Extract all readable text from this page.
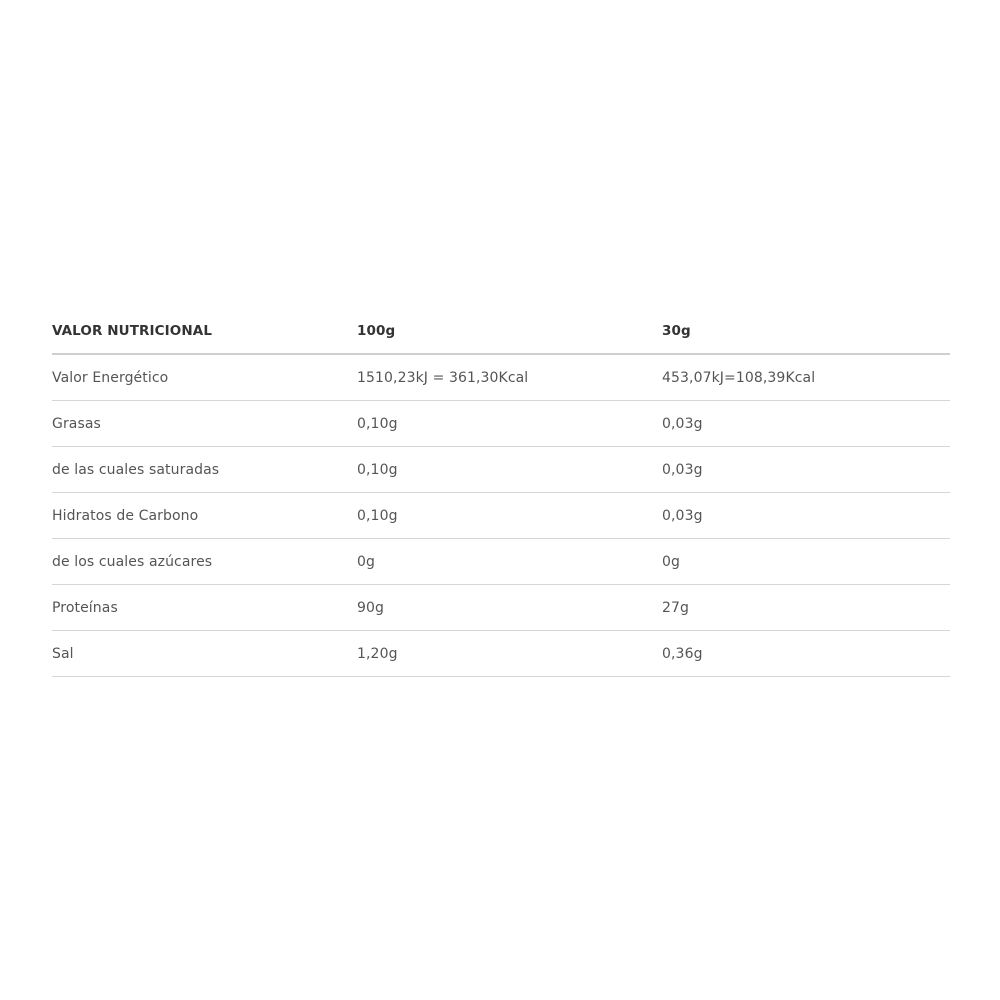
VALOR NUTRICIONAL	100g	30g
Valor Energético	1510,23kJ = 361,30Kcal	453,07kJ=108,39Kcal
Grasas	0,10g	0,03g
de las cuales saturadas	0,10g	0,03g
Hidratos de Carbono	0,10g	0,03g
de los cuales azúcares	0g	0g
Proteínas	90g	27g
Sal	1,20g	0,36g
